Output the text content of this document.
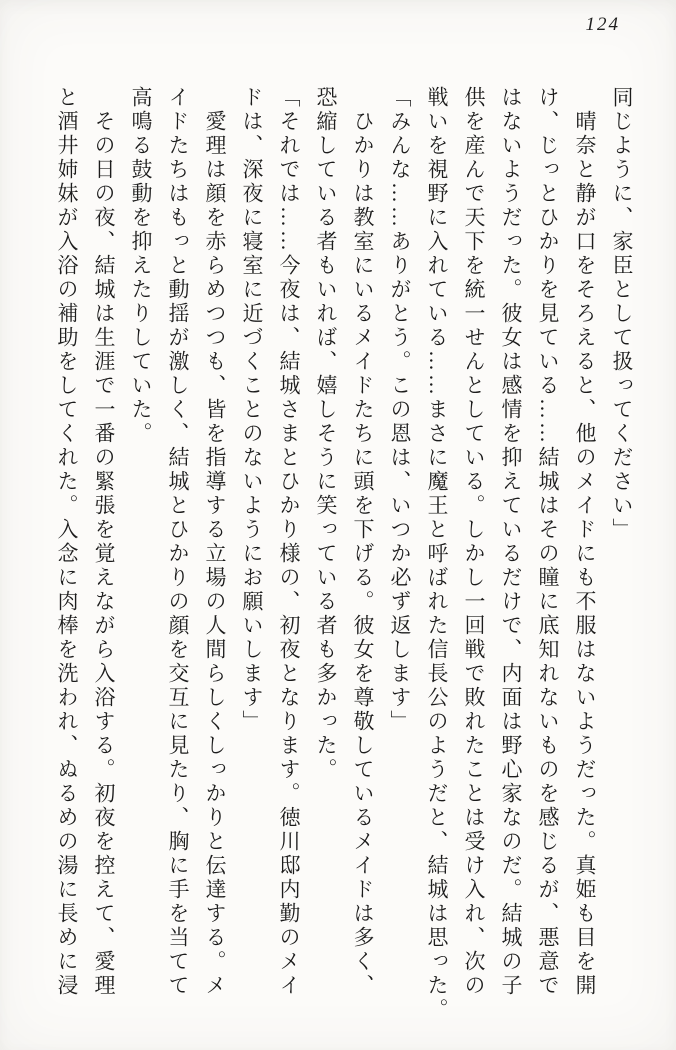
124
同じように、家臣として扱ってください」
　晴奈と静が口をそろえると、他のメイドにも不服はないようだった。真姫も目を開
け、じっとひかりを見ている……結城はその瞳に底知れないものを感じるが、悪意で
はないようだった。彼女は感情を抑えているだけで、内面は野心家なのだ。結城の子
供を産んで天下を統一せんとしている。しかし一回戦で敗れたことは受け入れ、次の
戦いを視野に入れている……まさに魔王と呼ばれた信長公のようだと、結城は思った。
「みんな……ありがとう。この恩は、いつか必ず返します」
　ひかりは教室にいるメイドたちに頭を下げる。彼女を尊敬しているメイドは多く、
恐縮している者もいれば、嬉しそうに笑っている者も多かった。
「それでは……今夜は、結城さまとひかり様の、初夜となります。徳川邸内勤のメイ
ドは、深夜に寝室に近づくことのないようにお願いします」
　愛理は顔を赤らめつつも、皆を指導する立場の人間らしくしっかりと伝達する。メ
イドたちはもっと動揺が激しく、結城とひかりの顔を交互に見たり、胸に手を当てて
高鳴る鼓動を抑えたりしていた。
　その日の夜、結城は生涯で一番の緊張を覚えながら入浴する。初夜を控えて、愛理
と酒井姉妹が入浴の補助をしてくれた。入念に肉棒を洗われ、ぬるめの湯に長めに浸
